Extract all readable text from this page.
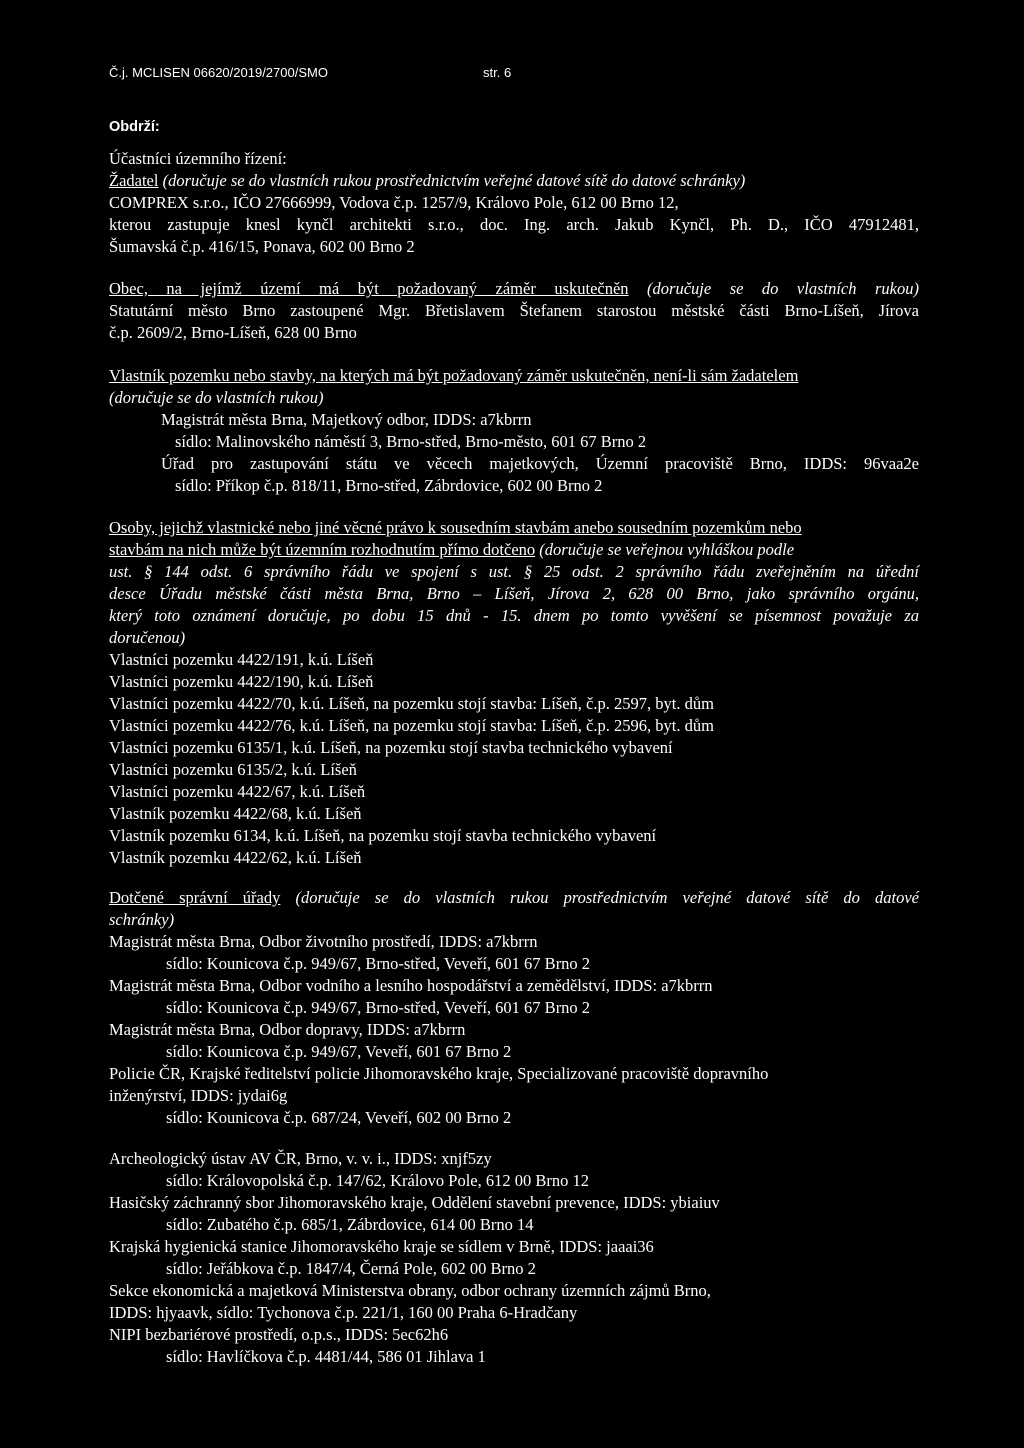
Č.j. MCLISEN 06620/2019/2700/SMO	str. 6
Obdrží:
Účastníci územního řízení:
Žadatel (doručuje se do vlastních rukou prostřednictvím veřejné datové sítě do datové schránky)
COMPREX s.r.o., IČO 27666999, Vodova č.p. 1257/9, Královo Pole, 612 00 Brno 12,
kterou zastupuje knesl kynčl architekti s.r.o., doc. Ing. arch. Jakub Kynčl, Ph. D., IČO 47912481,
Šumavská č.p. 416/15, Ponava, 602 00 Brno 2
Obec, na jejímž území má být požadovaný záměr uskutečněn (doručuje se do vlastních rukou)
Statutární město Brno zastoupené Mgr. Břetislavem Štefanem starostou městské části Brno-Líšeň, Jírova
č.p. 2609/2, Brno-Líšeň, 628 00 Brno
Vlastník pozemku nebo stavby, na kterých má být požadovaný záměr uskutečněn, není-li sám žadatelem
(doručuje se do vlastních rukou)
Magistrát města Brna, Majetkový odbor, IDDS: a7kbrrn
sídlo: Malinovského náměstí 3, Brno-střed, Brno-město, 601 67 Brno 2
Úřad pro zastupování státu ve věcech majetkových, Územní pracoviště Brno, IDDS: 96vaa2e
sídlo: Příkop č.p. 818/11, Brno-střed, Zábrdovice, 602 00 Brno 2
Osoby, jejichž vlastnické nebo jiné věcné právo k sousedním stavbám anebo sousedním pozemkům nebo
stavbám na nich může být územním rozhodnutím přímo dotčeno (doručuje se veřejnou vyhláškou podle
ust. § 144 odst. 6 správního řádu ve spojení s ust. § 25 odst. 2 správního řádu zveřejněním na úřední
desce Úřadu městské části města Brna, Brno – Líšeň, Jírova 2, 628 00 Brno, jako správního orgánu,
který toto oznámení doručuje, po dobu 15 dnů - 15. dnem po tomto vyvěšení se písemnost považuje za
doručenou)
Vlastníci pozemku 4422/191, k.ú. Líšeň
Vlastníci pozemku 4422/190, k.ú. Líšeň
Vlastníci pozemku 4422/70, k.ú. Líšeň, na pozemku stojí stavba: Líšeň, č.p. 2597, byt. dům
Vlastníci pozemku 4422/76, k.ú. Líšeň, na pozemku stojí stavba: Líšeň, č.p. 2596, byt. dům
Vlastníci pozemku 6135/1, k.ú. Líšeň, na pozemku stojí stavba technického vybavení
Vlastníci pozemku 6135/2, k.ú. Líšeň
Vlastníci pozemku 4422/67, k.ú. Líšeň
Vlastník pozemku 4422/68, k.ú. Líšeň
Vlastník pozemku 6134, k.ú. Líšeň, na pozemku stojí stavba technického vybavení
Vlastník pozemku 4422/62, k.ú. Líšeň
Dotčené správní úřady (doručuje se do vlastních rukou prostřednictvím veřejné datové sítě do datové
schránky)
Magistrát města Brna, Odbor životního prostředí, IDDS: a7kbrrn
sídlo: Kounicova č.p. 949/67, Brno-střed, Veveří, 601 67 Brno 2
Magistrát města Brna, Odbor vodního a lesního hospodářství a zemědělství, IDDS: a7kbrrn
sídlo: Kounicova č.p. 949/67, Brno-střed, Veveří, 601 67 Brno 2
Magistrát města Brna, Odbor dopravy, IDDS: a7kbrrn
sídlo: Kounicova č.p. 949/67, Veveří, 601 67 Brno 2
Policie ČR, Krajské ředitelství policie Jihomoravského kraje, Specializované pracoviště dopravního
inženýrství, IDDS: jydai6g
sídlo: Kounicova č.p. 687/24, Veveří, 602 00 Brno 2
Archeologický ústav AV ČR, Brno, v. v. i., IDDS: xnjf5zy
sídlo: Královopolská č.p. 147/62, Královo Pole, 612 00 Brno 12
Hasičský záchranný sbor Jihomoravského kraje, Oddělení stavební prevence, IDDS: ybiaiuv
sídlo: Zubatého č.p. 685/1, Zábrdovice, 614 00 Brno 14
Krajská hygienická stanice Jihomoravského kraje se sídlem v Brně, IDDS: jaaai36
sídlo: Jeřábkova č.p. 1847/4, Černá Pole, 602 00 Brno 2
Sekce ekonomická a majetková Ministerstva obrany, odbor ochrany územních zájmů Brno,
IDDS: hjyaavk, sídlo: Tychonova č.p. 221/1, 160 00 Praha 6-Hradčany
NIPI bezbariérové prostředí, o.p.s., IDDS: 5ec62h6
sídlo: Havlíčkova č.p. 4481/44, 586 01 Jihlava 1
